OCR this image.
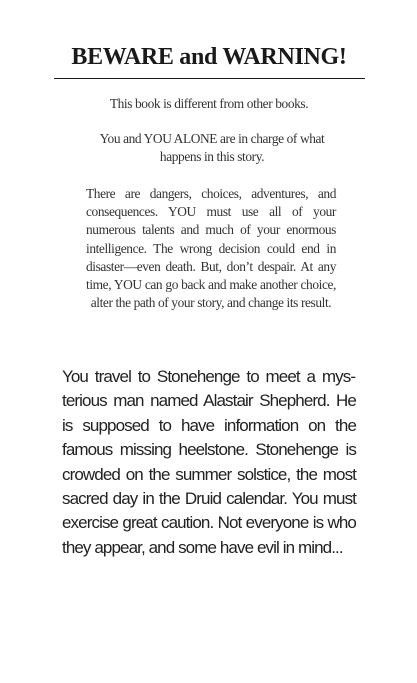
BEWARE and WARNING!

This book is different from other books.

You and YOU ALONE are in charge of what happens in this story.

There are dangers, choices, adventures, and consequences. YOU must use all of your numerous talents and much of your enormous intelligence. The wrong decision could end in disaster—even death. But, don’t despair. At any time, YOU can go back and make another choice, alter the path of your story, and change its result.

You travel to Stonehenge to meet a mysterious man named Alastair Shepherd. He is supposed to have information on the famous missing heelstone. Stonehenge is crowded on the summer solstice, the most sacred day in the Druid calendar. You must exercise great caution. Not everyone is who they appear, and some have evil in mind...
